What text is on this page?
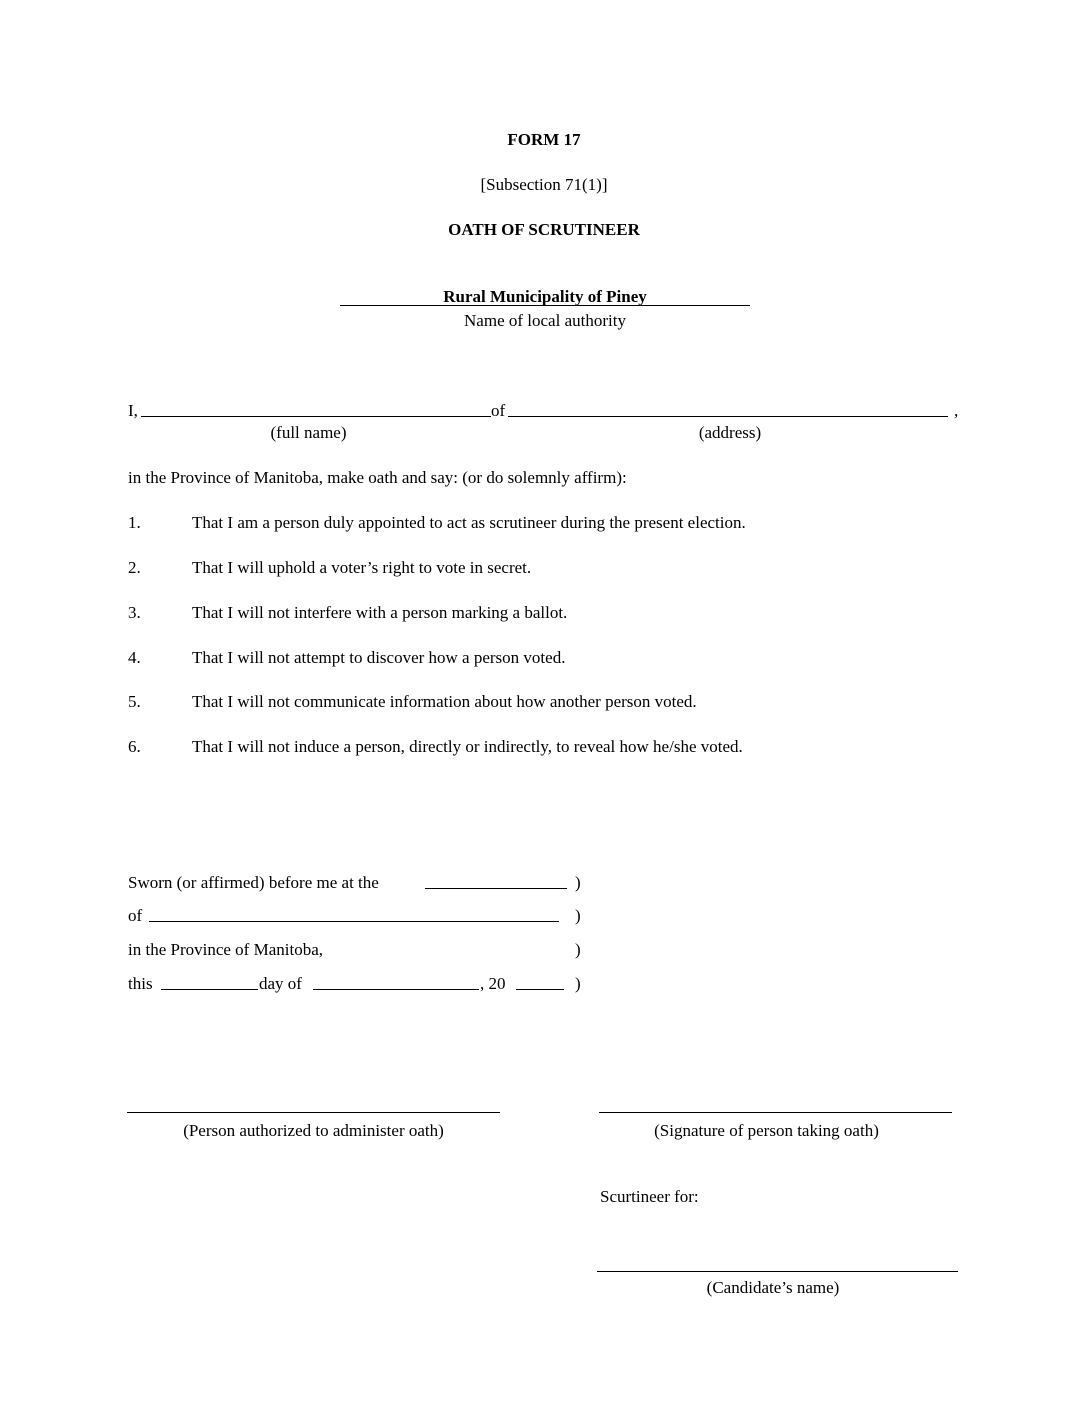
FORM 17
[Subsection 71(1)]
OATH OF SCRUTINEER
Rural Municipality of Piney
Name of local authority
I,	of	,
(full name)	(address)
in the Province of Manitoba, make oath and say: (or do solemnly affirm):
1.	That I am a person duly appointed to act as scrutineer during the present election.
2.	That I will uphold a voter’s right to vote in secret.
3.	That I will not interfere with a person marking a ballot.
4.	That I will not attempt to discover how a person voted.
5.	That I will not communicate information about how another person voted.
6.	That I will not induce a person, directly or indirectly, to reveal how he/she voted.
Sworn (or affirmed) before me at the	)
of	)
in the Province of Manitoba,	)
this	day of	, 20	)
(Person authorized to administer oath)	(Signature of person taking oath)
Scurtineer for:
(Candidate’s name)
